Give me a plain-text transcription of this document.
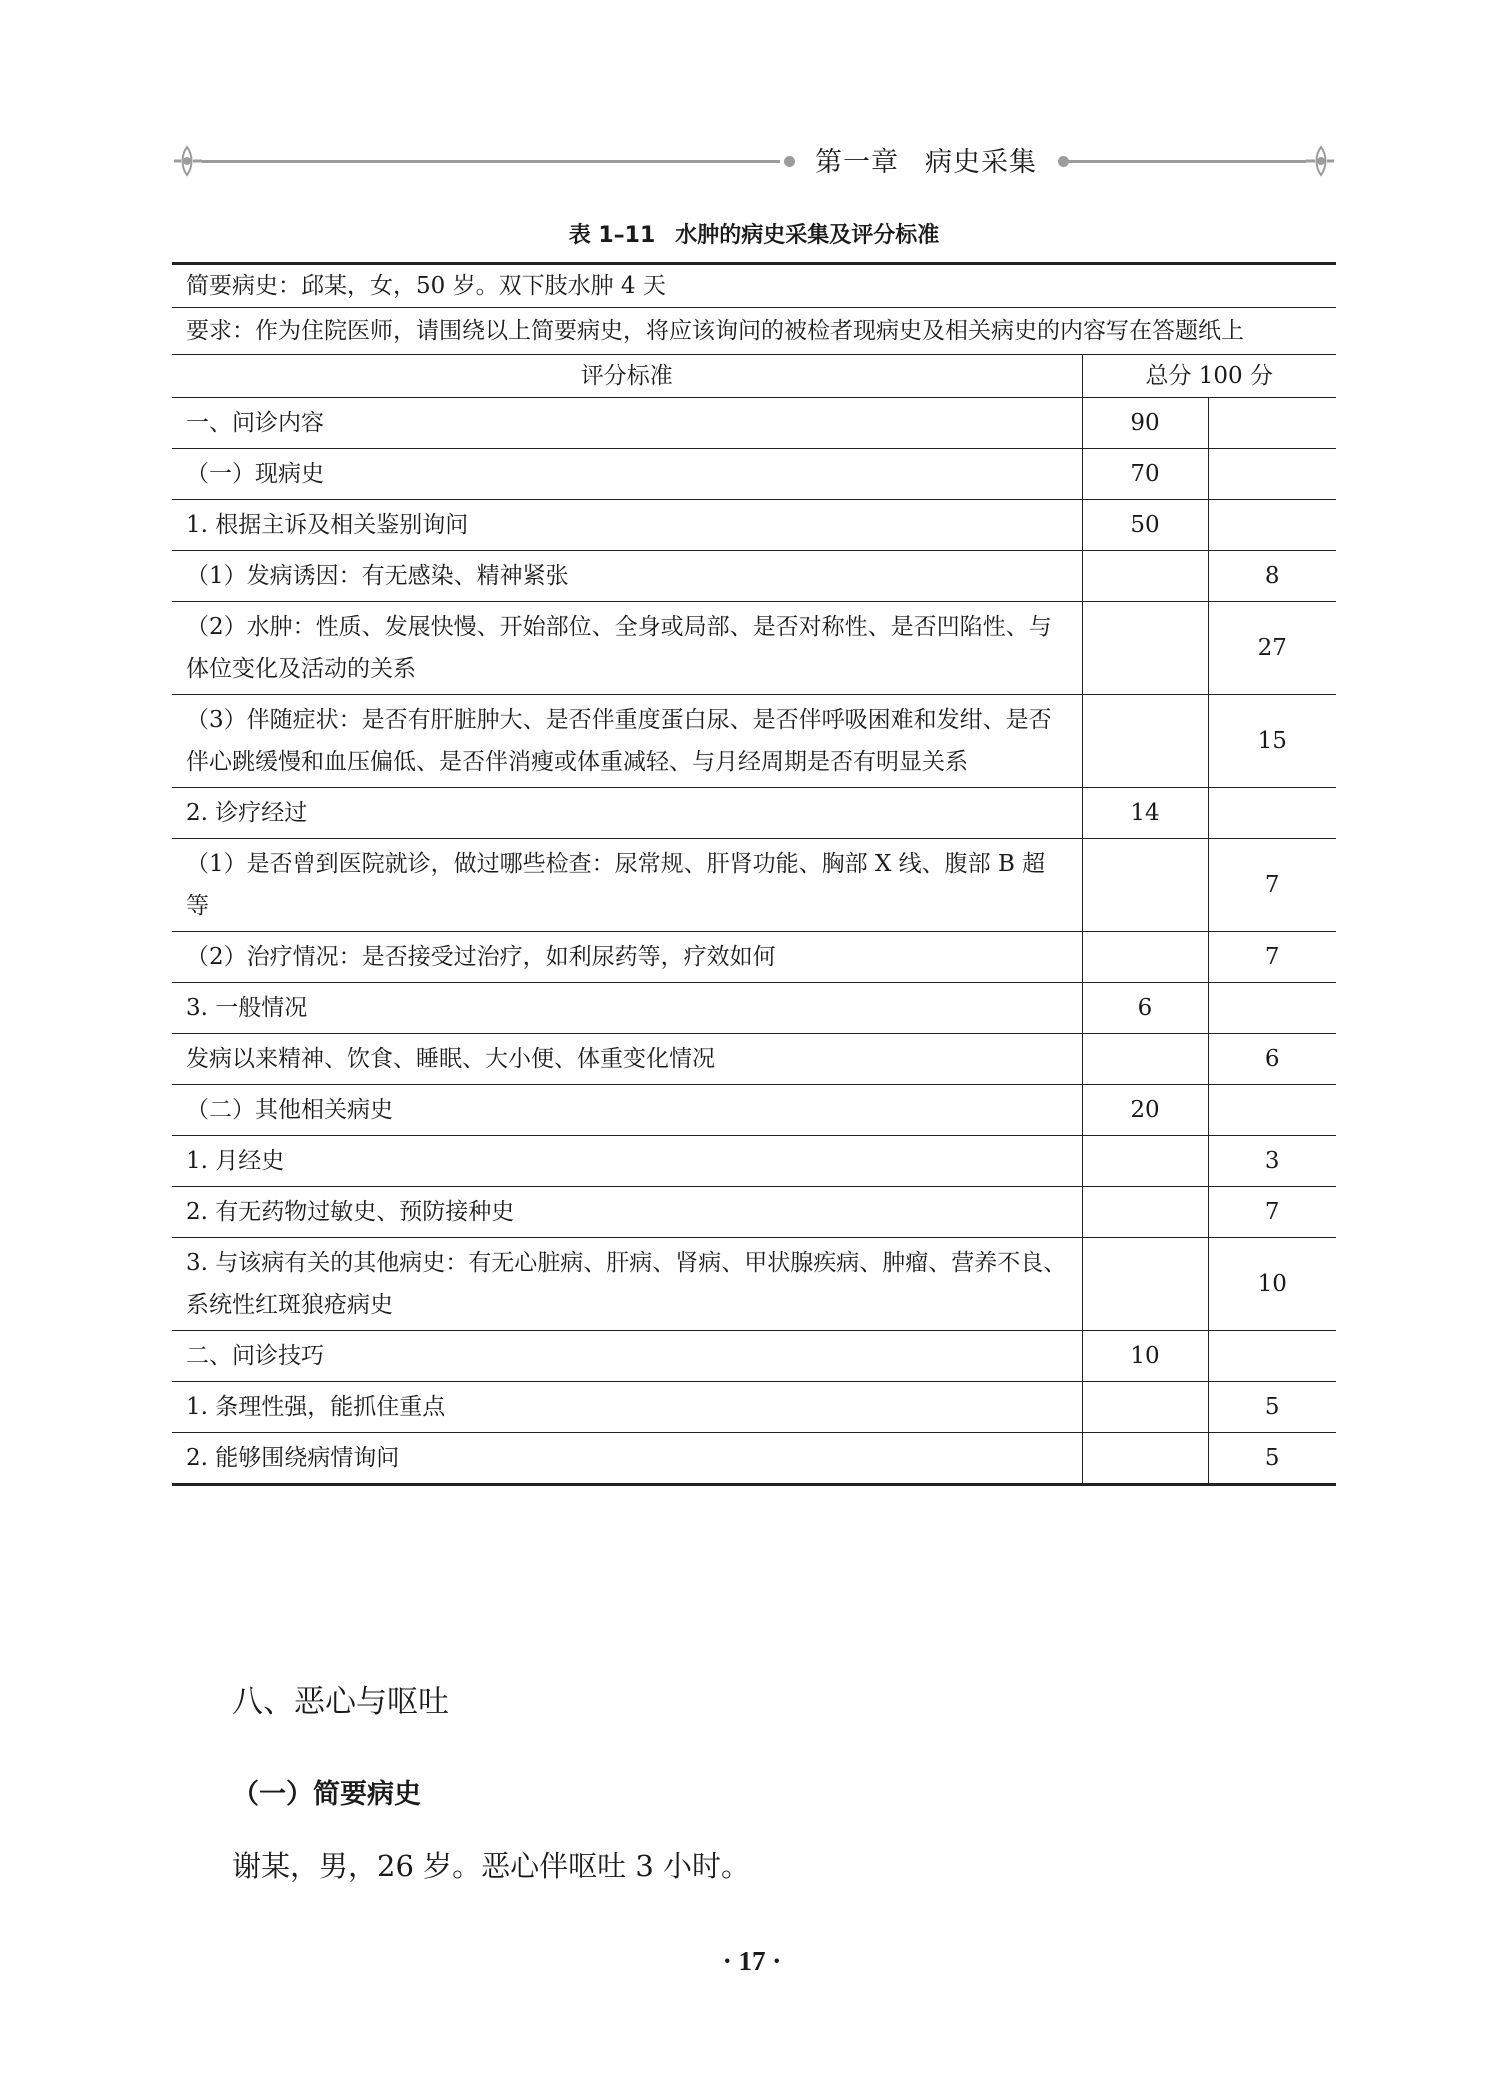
第一章 病史采集
表 1–11 水肿的病史采集及评分标准
简要病史：邱某，女，50 岁。双下肢水肿 4 天		
要求：作为住院医师，请围绕以上简要病史，将应该询问的被检者现病史及相关病史的内容写在答题纸上		
评分标准	总分 100 分	
一、问诊内容	90	
（一）现病史	70	
1. 根据主诉及相关鉴别询问	50	
（1）发病诱因：有无感染、精神紧张		8
（2）水肿：性质、发展快慢、开始部位、全身或局部、是否对称性、是否凹陷性、与体位变化及活动的关系		27
（3）伴随症状：是否有肝脏肿大、是否伴重度蛋白尿、是否伴呼吸困难和发绀、是否伴心跳缓慢和血压偏低、是否伴消瘦或体重减轻、与月经周期是否有明显关系		15
2. 诊疗经过	14	
（1）是否曾到医院就诊，做过哪些检查：尿常规、肝肾功能、胸部 X 线、腹部 B 超等		7
（2）治疗情况：是否接受过治疗，如利尿药等，疗效如何		7
3. 一般情况	6	
发病以来精神、饮食、睡眠、大小便、体重变化情况		6
（二）其他相关病史	20	
1. 月经史		3
2. 有无药物过敏史、预防接种史		7
3. 与该病有关的其他病史：有无心脏病、肝病、肾病、甲状腺疾病、肿瘤、营养不良、系统性红斑狼疮病史		10
二、问诊技巧	10	
1. 条理性强，能抓住重点		5
2. 能够围绕病情询问		5
八、恶心与呕吐
（一）简要病史
谢某，男，26 岁。恶心伴呕吐 3 小时。
· 17 ·
